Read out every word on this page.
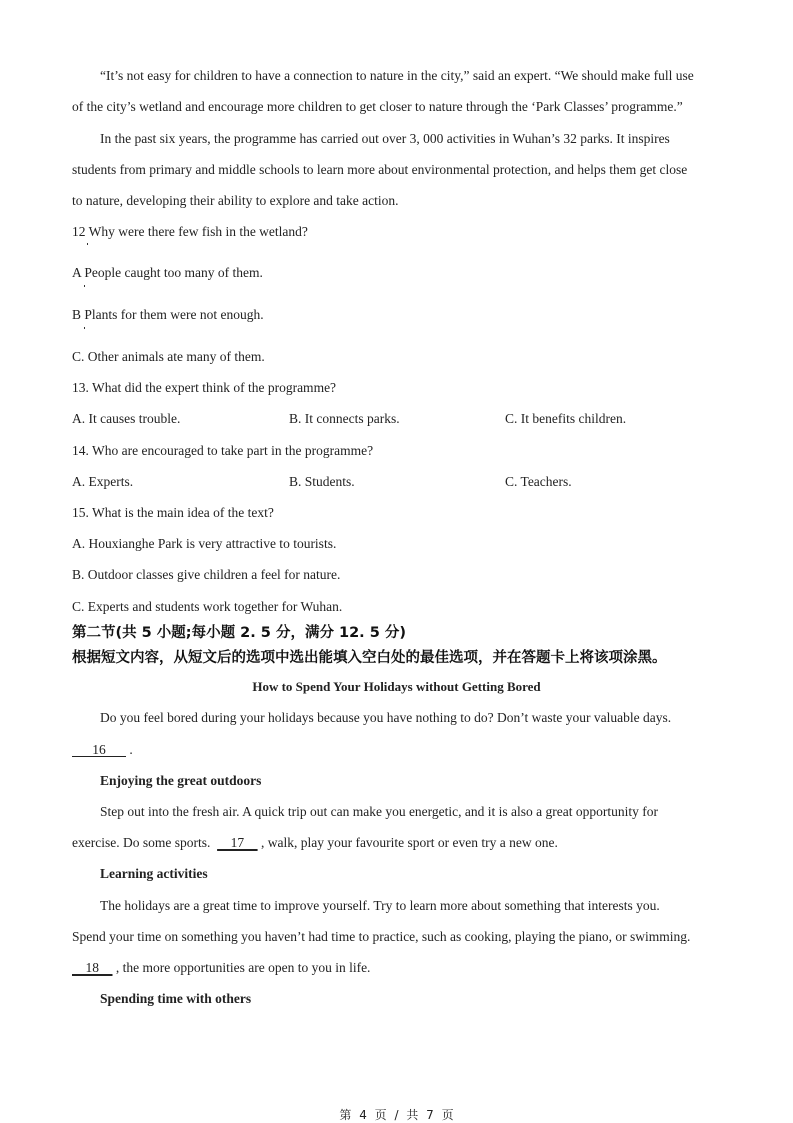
“It’s not easy for children to have a connection to nature in the city,” said an expert. “We should make full use
of the city’s wetland and encourage more children to get closer to nature through the ‘Park Classes’ programme.”
In the past six years, the programme has carried out over 3, 000 activities in Wuhan’s 32 parks. It inspires
students from primary and middle schools to learn more about environmental protection, and helps them get close
to nature, developing their ability to explore and take action.
12 Why were there few fish in the wetland?
A People caught too many of them.
B Plants for them were not enough.
C. Other animals ate many of them.
13. What did the expert think of the programme?
A. It causes trouble.	B. It connects parks.	C. It benefits children.
14. Who are encouraged to take part in the programme?
A. Experts.	B. Students.	C. Teachers.
15. What is the main idea of the text?
A. Houxianghe Park is very attractive to tourists.
B. Outdoor classes give children a feel for nature.
C. Experts and students work together for Wuhan.
第二节(共 5 小题;每小题 2. 5 分，满分 12. 5 分)
根据短文内容，从短文后的选项中选出能填入空白处的最佳选项，并在答题卡上将该项涂黑。
How to Spend Your Holidays without Getting Bored
Do you feel bored during your holidays because you have nothing to do? Don’t waste your valuable days.
16       .
Enjoying the great outdoors
Step out into the fresh air. A quick trip out can make you energetic, and it is also a great opportunity for
exercise. Do some sports.      17     , walk, play your favourite sport or even try a new one.
Learning activities
The holidays are a great time to improve yourself. Try to learn more about something that interests you.
Spend your time on something you haven’t had time to practice, such as cooking, playing the piano, or swimming.
18     , the more opportunities are open to you in life.
Spending time with others
第 4 页 / 共 7 页
